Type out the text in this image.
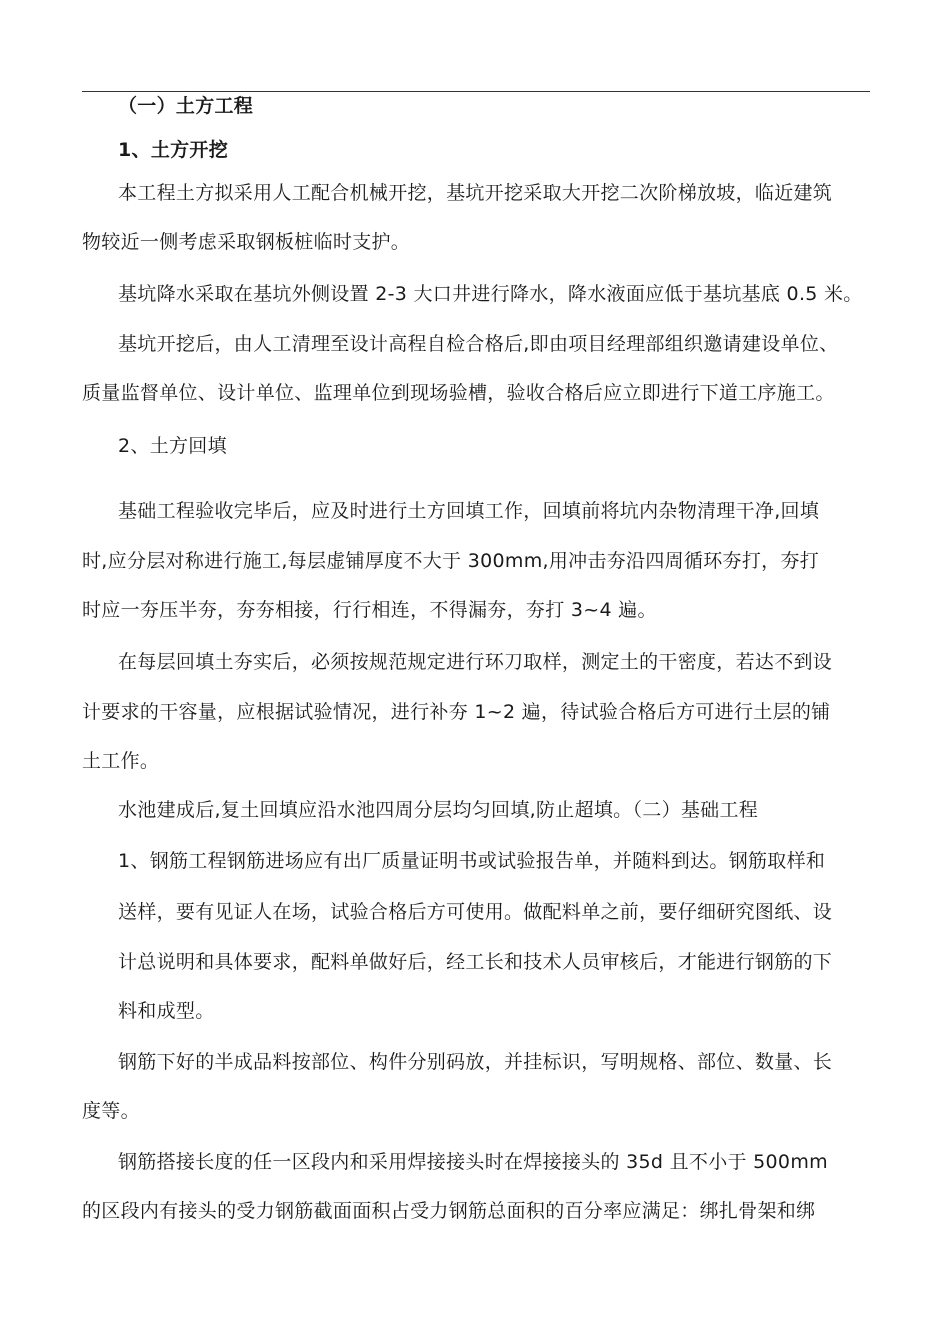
（一）土方工程
1、土方开挖
本工程土方拟采用人工配合机械开挖，基坑开挖采取大开挖二次阶梯放坡，临近建筑
物较近一侧考虑采取钢板桩临时支护。
基坑降水采取在基坑外侧设置 2-3 大口井进行降水，降水液面应低于基坑基底 0.5 米。
基坑开挖后，由人工清理至设计高程自检合格后,即由项目经理部组织邀请建设单位、
质量监督单位、设计单位、监理单位到现场验槽，验收合格后应立即进行下道工序施工。
2、土方回填
基础工程验收完毕后，应及时进行土方回填工作，回填前将坑内杂物清理干净,回填
时,应分层对称进行施工,每层虚铺厚度不大于 300mm,用冲击夯沿四周循环夯打，夯打
时应一夯压半夯，夯夯相接，行行相连，不得漏夯，夯打 3~4 遍。
在每层回填土夯实后，必须按规范规定进行环刀取样，测定土的干密度，若达不到设
计要求的干容量，应根据试验情况，进行补夯 1~2 遍，待试验合格后方可进行土层的铺
土工作。
水池建成后,复土回填应沿水池四周分层均匀回填,防止超填。（二）基础工程
1、钢筋工程钢筋进场应有出厂质量证明书或试验报告单，并随料到达。钢筋取样和
送样，要有见证人在场，试验合格后方可使用。做配料单之前，要仔细研究图纸、设
计总说明和具体要求，配料单做好后，经工长和技术人员审核后，才能进行钢筋的下
料和成型。
钢筋下好的半成品料按部位、构件分别码放，并挂标识，写明规格、部位、数量、长
度等。
钢筋搭接长度的任一区段内和采用焊接接头时在焊接接头的 35d 且不小于 500mm
的区段内有接头的受力钢筋截面面积占受力钢筋总面积的百分率应满足：绑扎骨架和绑
